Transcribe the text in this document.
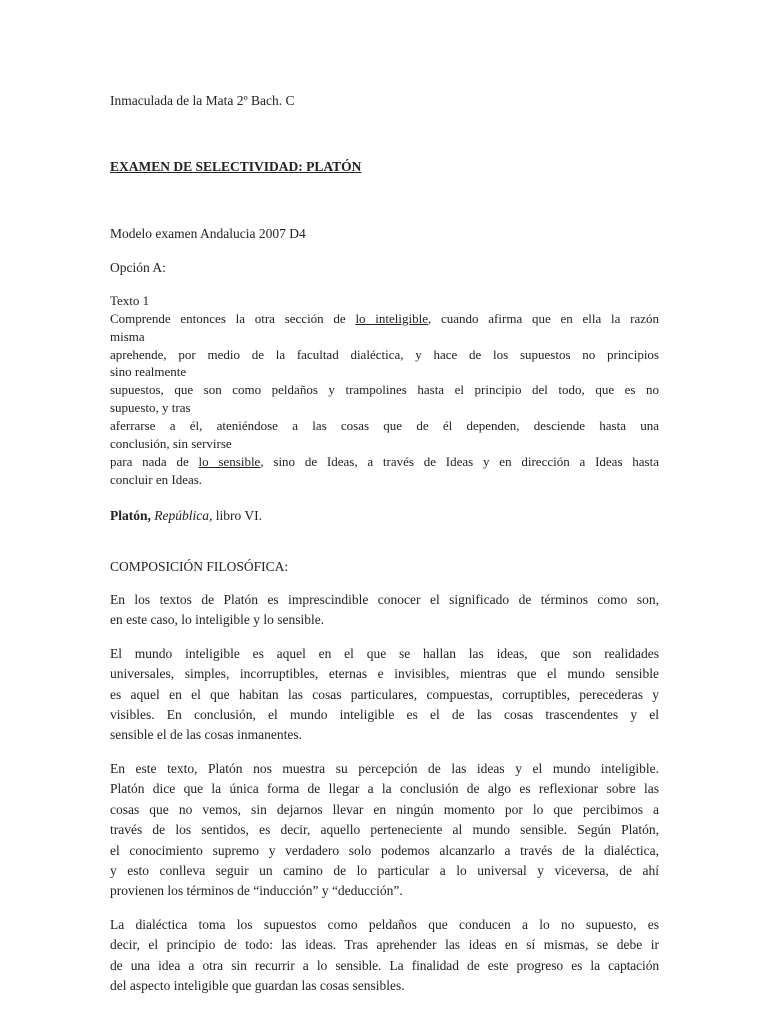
Inmaculada de la Mata 2º Bach. C
EXAMEN DE SELECTIVIDAD: PLATÓN
Modelo examen Andalucia 2007 D4
Opción A:
Texto 1
Comprende entonces la otra sección de lo inteligible, cuando afirma que en ella la razón
misma
aprehende, por medio de la facultad dialéctica, y hace de los supuestos no principios
sino realmente
supuestos, que son como peldaños y trampolines hasta el principio del todo, que es no
supuesto, y tras
aferrarse a él, ateniéndose a las cosas que de él dependen, desciende hasta una
conclusión, sin servirse
para nada de lo sensible, sino de Ideas, a través de Ideas y en dirección a Ideas hasta
concluir en Ideas.
Platón, República, libro VI.
COMPOSICIÓN FILOSÓFICA:
En los textos de Platón es imprescindible conocer el significado de términos como son,
en este caso, lo inteligible y lo sensible.
El mundo inteligible es aquel en el que se hallan las ideas, que son realidades
universales, simples, incorruptibles, eternas e invisibles, mientras que el mundo sensible
es aquel en el que habitan las cosas particulares, compuestas, corruptibles, perecederas y
visibles. En conclusión, el mundo inteligible es el de las cosas trascendentes y el
sensible el de las cosas inmanentes.
En este texto, Platón nos muestra su percepción de las ideas y el mundo inteligible.
Platón dice que la única forma de llegar a la conclusión de algo es reflexionar sobre las
cosas que no vemos, sin dejarnos llevar en ningún momento por lo que percibimos a
través de los sentidos, es decir, aquello perteneciente al mundo sensible. Según Platón,
el conocimiento supremo y verdadero solo podemos alcanzarlo a través de la dialéctica,
y esto conlleva seguir un camino de lo particular a lo universal y viceversa, de ahí
provienen los términos de “inducción” y “deducción”.
La dialéctica toma los supuestos como peldaños que conducen a lo no supuesto, es
decir, el principio de todo: las ideas. Tras aprehender las ideas en sí mismas, se debe ir
de una idea a otra sin recurrir a lo sensible. La finalidad de este progreso es la captación
del aspecto inteligible que guardan las cosas sensibles.
